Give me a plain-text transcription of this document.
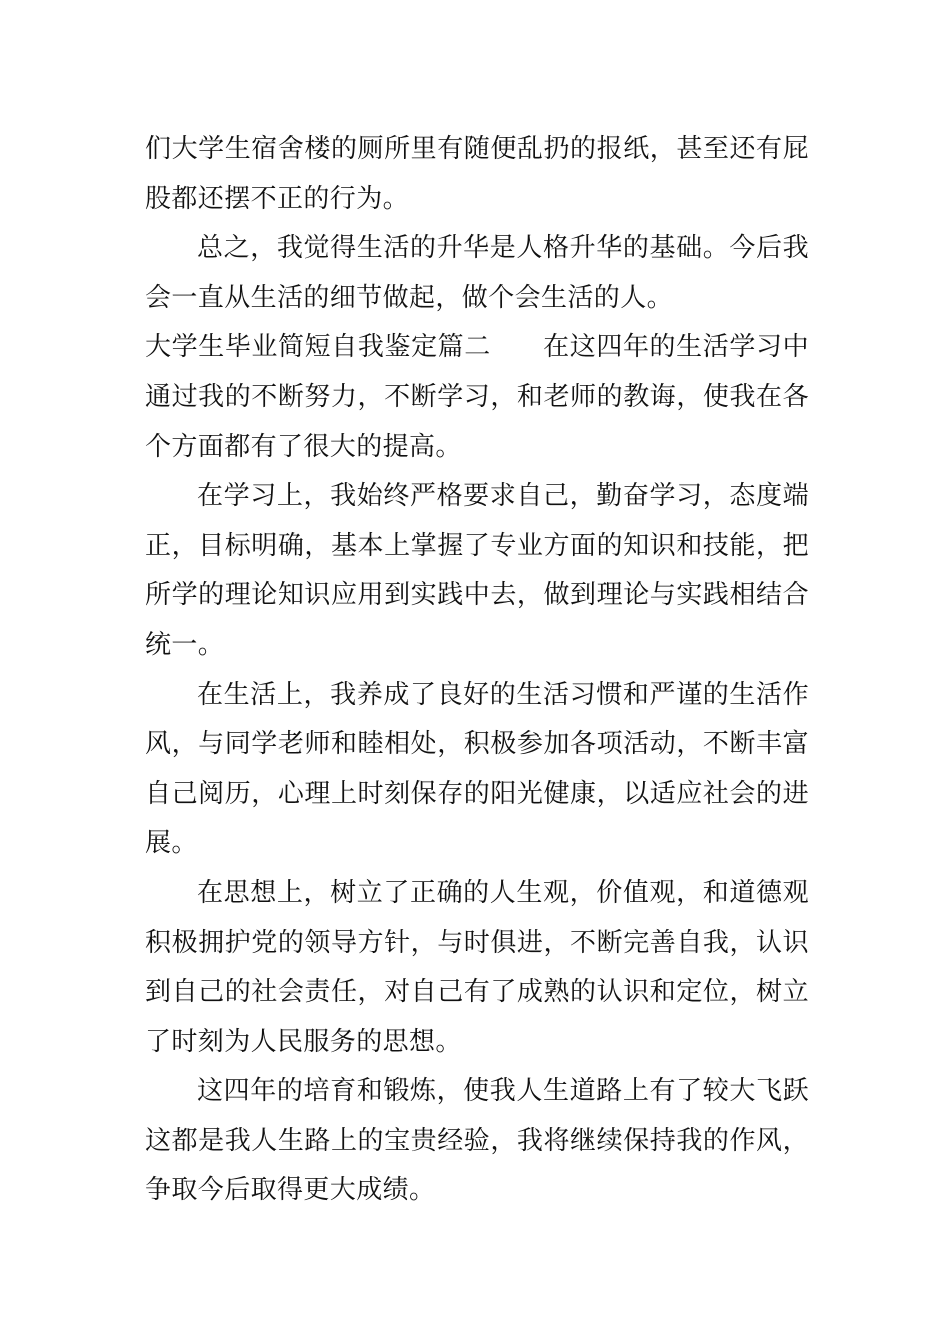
们大学生宿舍楼的厕所里有随便乱扔的报纸，甚至还有屁股都还摆不正的行为。

总之，我觉得生活的升华是人格升华的基础。今后我会一直从生活的细节做起，做个会生活的人。

大学生毕业简短自我鉴定篇二 在这四年的生活学习中通过我的不断努力，不断学习，和老师的教诲，使我在各个方面都有了很大的提高。

在学习上，我始终严格要求自己，勤奋学习，态度端正，目标明确，基本上掌握了专业方面的知识和技能，把所学的理论知识应用到实践中去，做到理论与实践相结合统一。

在生活上，我养成了良好的生活习惯和严谨的生活作风，与同学老师和睦相处，积极参加各项活动，不断丰富自己阅历，心理上时刻保存的阳光健康，以适应社会的进展。

在思想上，树立了正确的人生观，价值观，和道德观积极拥护党的领导方针，与时俱进，不断完善自我，认识到自己的社会责任，对自己有了成熟的认识和定位，树立了时刻为人民服务的思想。

这四年的培育和锻炼，使我人生道路上有了较大飞跃这都是我人生路上的宝贵经验，我将继续保持我的作风，争取今后取得更大成绩。
